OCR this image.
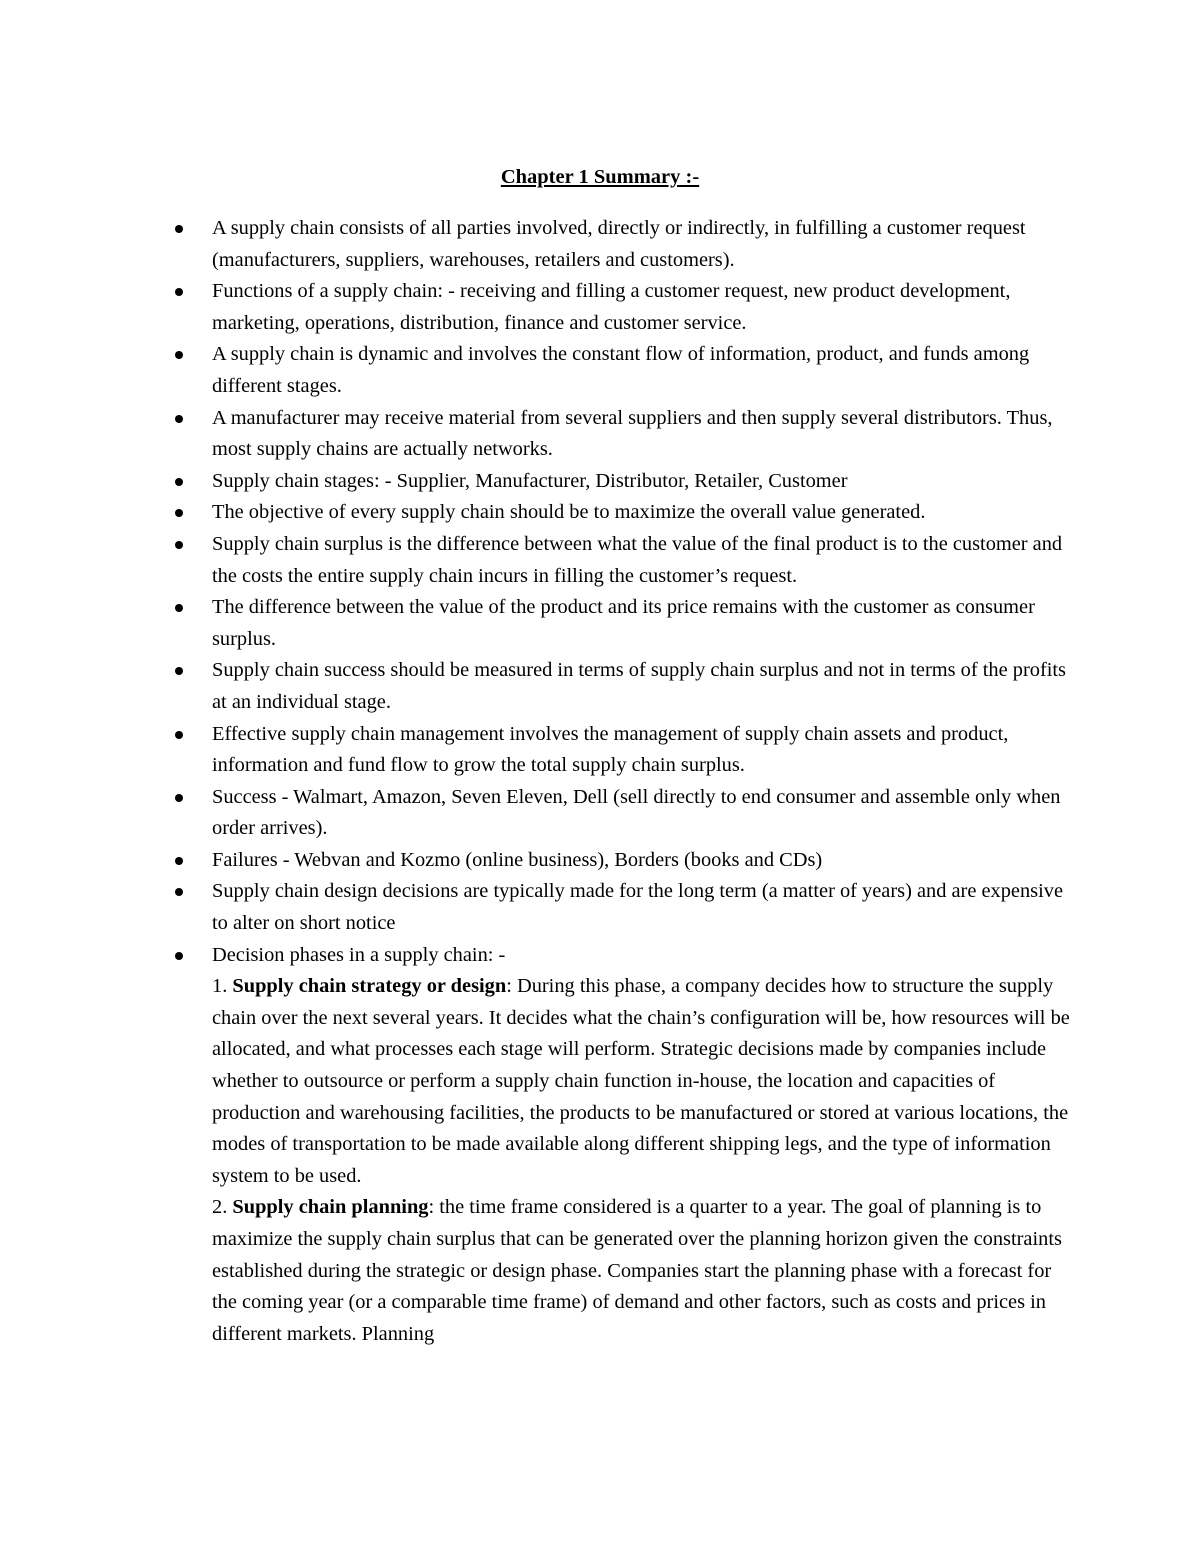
Chapter 1 Summary :-
A supply chain consists of all parties involved, directly or indirectly, in fulfilling a customer request (manufacturers, suppliers, warehouses, retailers and customers).
Functions of a supply chain: - receiving and filling a customer request, new product development, marketing, operations, distribution, finance and customer service.
A supply chain is dynamic and involves the constant flow of information, product, and funds among different stages.
A manufacturer may receive material from several suppliers and then supply several distributors. Thus, most supply chains are actually networks.
Supply chain stages: - Supplier, Manufacturer, Distributor, Retailer, Customer
The objective of every supply chain should be to maximize the overall value generated.
Supply chain surplus is the difference between what the value of the final product is to the customer and the costs the entire supply chain incurs in filling the customer’s request.
The difference between the value of the product and its price remains with the customer as consumer surplus.
Supply chain success should be measured in terms of supply chain surplus and not in terms of the profits at an individual stage.
Effective supply chain management involves the management of supply chain assets and product, information and fund flow to grow the total supply chain surplus.
Success - Walmart, Amazon, Seven Eleven, Dell (sell directly to end consumer and assemble only when order arrives).
Failures - Webvan and Kozmo (online business), Borders (books and CDs)
Supply chain design decisions are typically made for the long term (a matter of years) and are expensive to alter on short notice
Decision phases in a supply chain: -
1. Supply chain strategy or design: During this phase, a company decides how to structure the supply chain over the next several years. It decides what the chain’s configuration will be, how resources will be allocated, and what processes each stage will perform. Strategic decisions made by companies include whether to outsource or perform a supply chain function in-house, the location and capacities of production and warehousing facilities, the products to be manufactured or stored at various locations, the modes of transportation to be made available along different shipping legs, and the type of information system to be used.
2. Supply chain planning: the time frame considered is a quarter to a year. The goal of planning is to maximize the supply chain surplus that can be generated over the planning horizon given the constraints established during the strategic or design phase. Companies start the planning phase with a forecast for the coming year (or a comparable time frame) of demand and other factors, such as costs and prices in different markets. Planning
